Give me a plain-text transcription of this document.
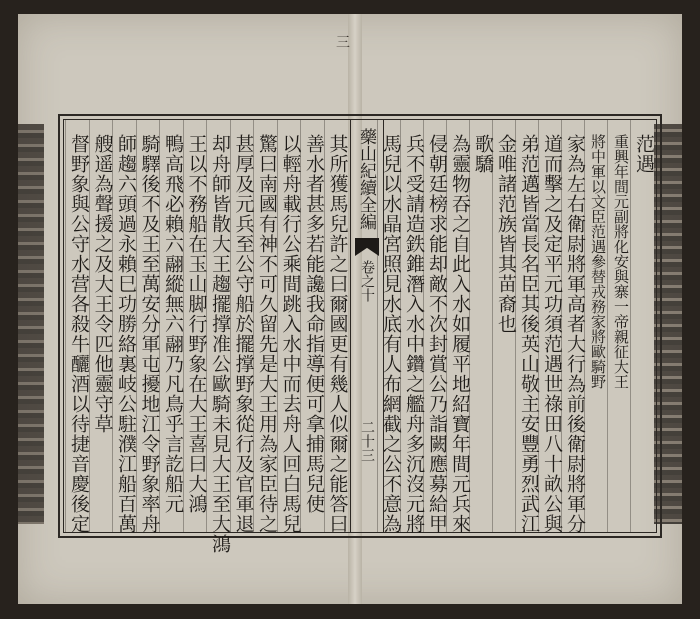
三
其所獲馬兒許之曰爾國更有幾人似爾之能答曰
善水者甚多若能讒我命指導便可拿捕馬兒使
以輕舟載行公乘間跳入水中而去舟人回白馬兒
驚曰南國有神不可久留先是大王用為家臣待之
甚厚及元兵至公守船於擺撑野象從行及官軍退
却舟師皆散大王趨擺撑准公歐騎未見大王至大鴻
王以不務船在玉山脚行野象在大王喜曰大鴻
鴨高飛必賴六翮縱無六翮乃凡鳥乎言訖船元
騎驛後不及王至萬安分軍屯擾地江令野象率舟
師趨六頭過永賴巳功勝絡裏岐公駐濮江船百萬
艘遥為聲援之及大王令匹他靈守草
督野象與公守水营各殺牛釃酒以待捷音慶後定	藥山紀續全編
卷之十
二十三
范遇
重興年間元副將化安與寨一帝親征大王
將中軍以文臣范遇參替戎務家將歐騎野
家為左右衛尉將軍高者大行為前後衛尉將軍分
道而擊之及定平元功須范遇世祿田八十畝公與
弟范邁皆當長名臣其後英山敬主安豐勇烈武江
金唯諸范族皆其苗裔也
歌驕
為靈物吞之自此入水如履平地紹寶年間元兵來
侵朝廷榜求能却敵不次封賞公乃詣闕應募給甲
兵不受請造鉄錐潛入水中鑽之艦舟多沉沒元將
馬兒以水晶宮照見水底有人布網截之公不意為
